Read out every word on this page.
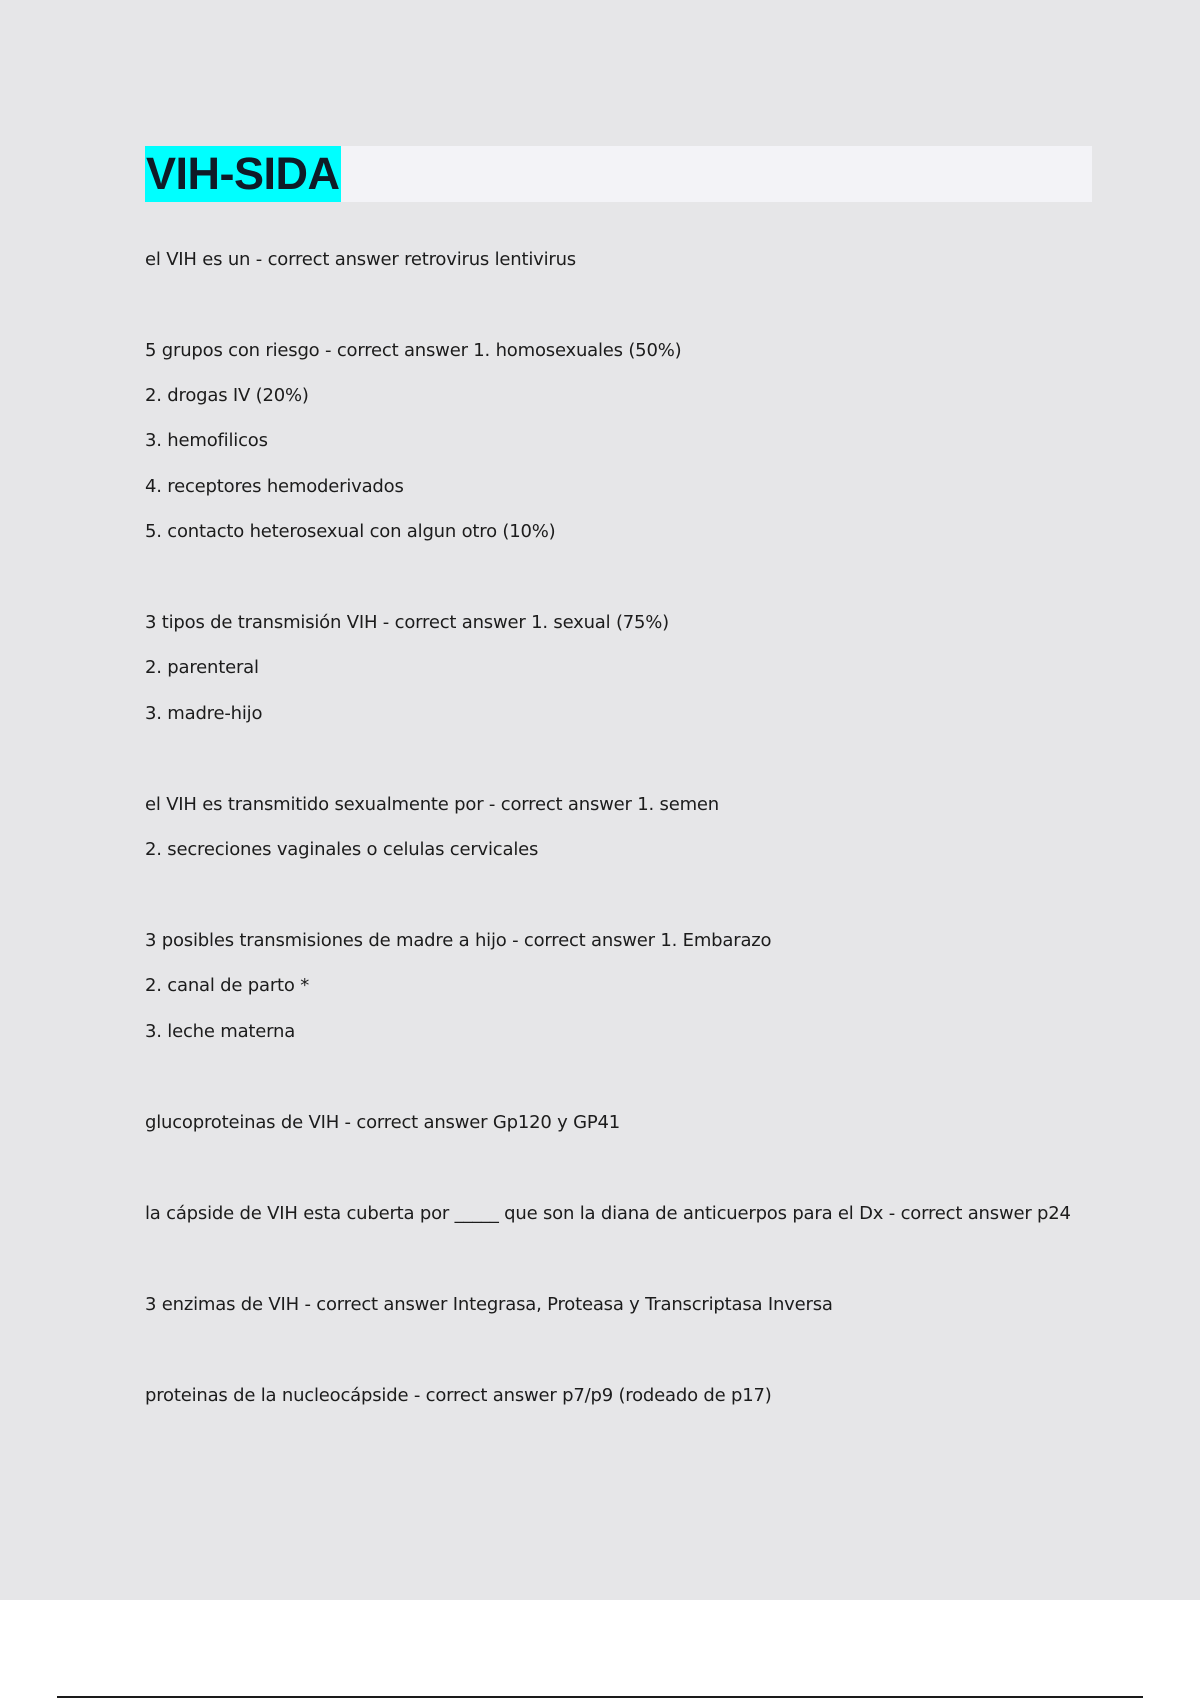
VIH-SIDA
el VIH es un - correct answer retrovirus lentivirus
5 grupos con riesgo - correct answer 1. homosexuales (50%)
2. drogas IV (20%)
3. hemofilicos
4. receptores hemoderivados
5. contacto heterosexual con algun otro (10%)
3 tipos de transmisión VIH - correct answer 1. sexual (75%)
2. parenteral
3. madre-hijo
el VIH es transmitido sexualmente por - correct answer 1. semen
2. secreciones vaginales o celulas cervicales
3 posibles transmisiones de madre a hijo - correct answer 1. Embarazo
2. canal de parto *
3. leche materna
glucoproteinas de VIH - correct answer Gp120 y GP41
la cápside de VIH esta cuberta por _____ que son la diana de anticuerpos para el Dx - correct answer p24
3 enzimas de VIH - correct answer Integrasa, Proteasa y Transcriptasa Inversa
proteinas de la nucleocápside - correct answer p7/p9 (rodeado de p17)
